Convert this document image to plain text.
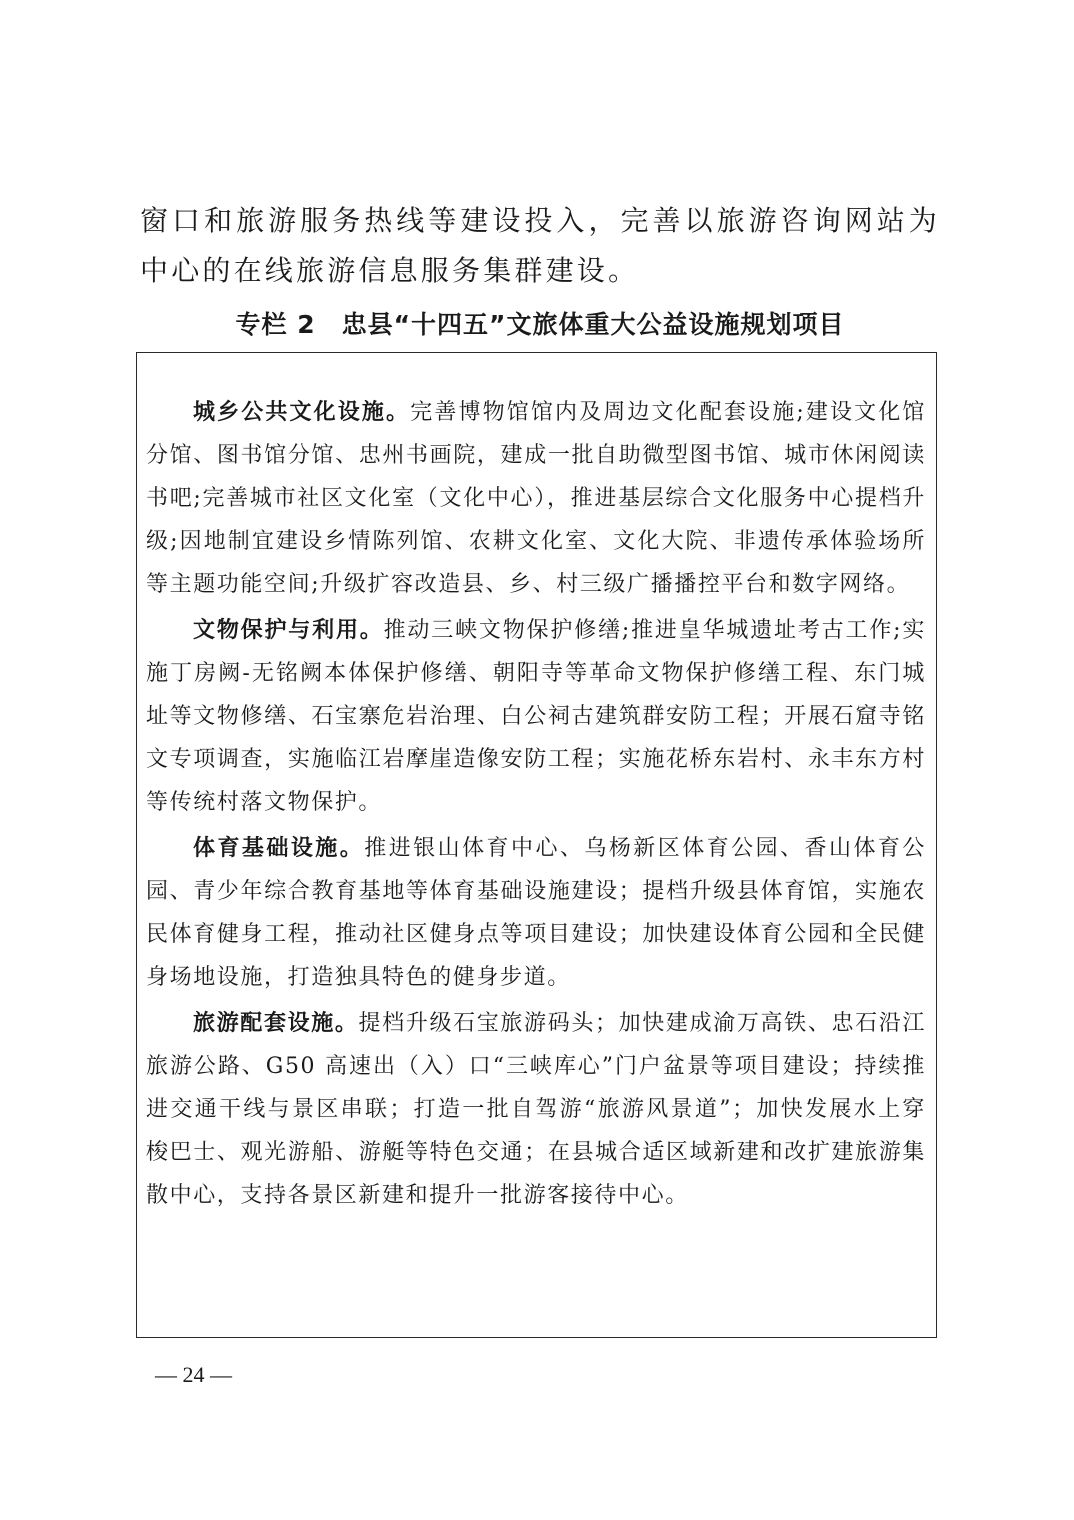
窗口和旅游服务热线等建设投入，完善以旅游咨询网站为中心的在线旅游信息服务集群建设。

专栏 2 忠县“十四五”文旅体重大公益设施规划项目

城乡公共文化设施。完善博物馆馆内及周边文化配套设施;建设文化馆分馆、图书馆分馆、忠州书画院，建成一批自助微型图书馆、城市休闲阅读书吧;完善城市社区文化室（文化中心），推进基层综合文化服务中心提档升级;因地制宜建设乡情陈列馆、农耕文化室、文化大院、非遗传承体验场所等主题功能空间;升级扩容改造县、乡、村三级广播播控平台和数字网络。

文物保护与利用。推动三峡文物保护修缮;推进皇华城遗址考古工作;实施丁房阙-无铭阙本体保护修缮、朝阳寺等革命文物保护修缮工程、东门城址等文物修缮、石宝寨危岩治理、白公祠古建筑群安防工程；开展石窟寺铭文专项调查，实施临江岩摩崖造像安防工程；实施花桥东岩村、永丰东方村等传统村落文物保护。

体育基础设施。推进银山体育中心、乌杨新区体育公园、香山体育公园、青少年综合教育基地等体育基础设施建设；提档升级县体育馆，实施农民体育健身工程，推动社区健身点等项目建设；加快建设体育公园和全民健身场地设施，打造独具特色的健身步道。

旅游配套设施。提档升级石宝旅游码头；加快建成渝万高铁、忠石沿江旅游公路、G50 高速出（入）口“三峡库心”门户盆景等项目建设；持续推进交通干线与景区串联；打造一批自驾游“旅游风景道”；加快发展水上穿梭巴士、观光游船、游艇等特色交通；在县城合适区域新建和改扩建旅游集散中心，支持各景区新建和提升一批游客接待中心。

— 24 —
